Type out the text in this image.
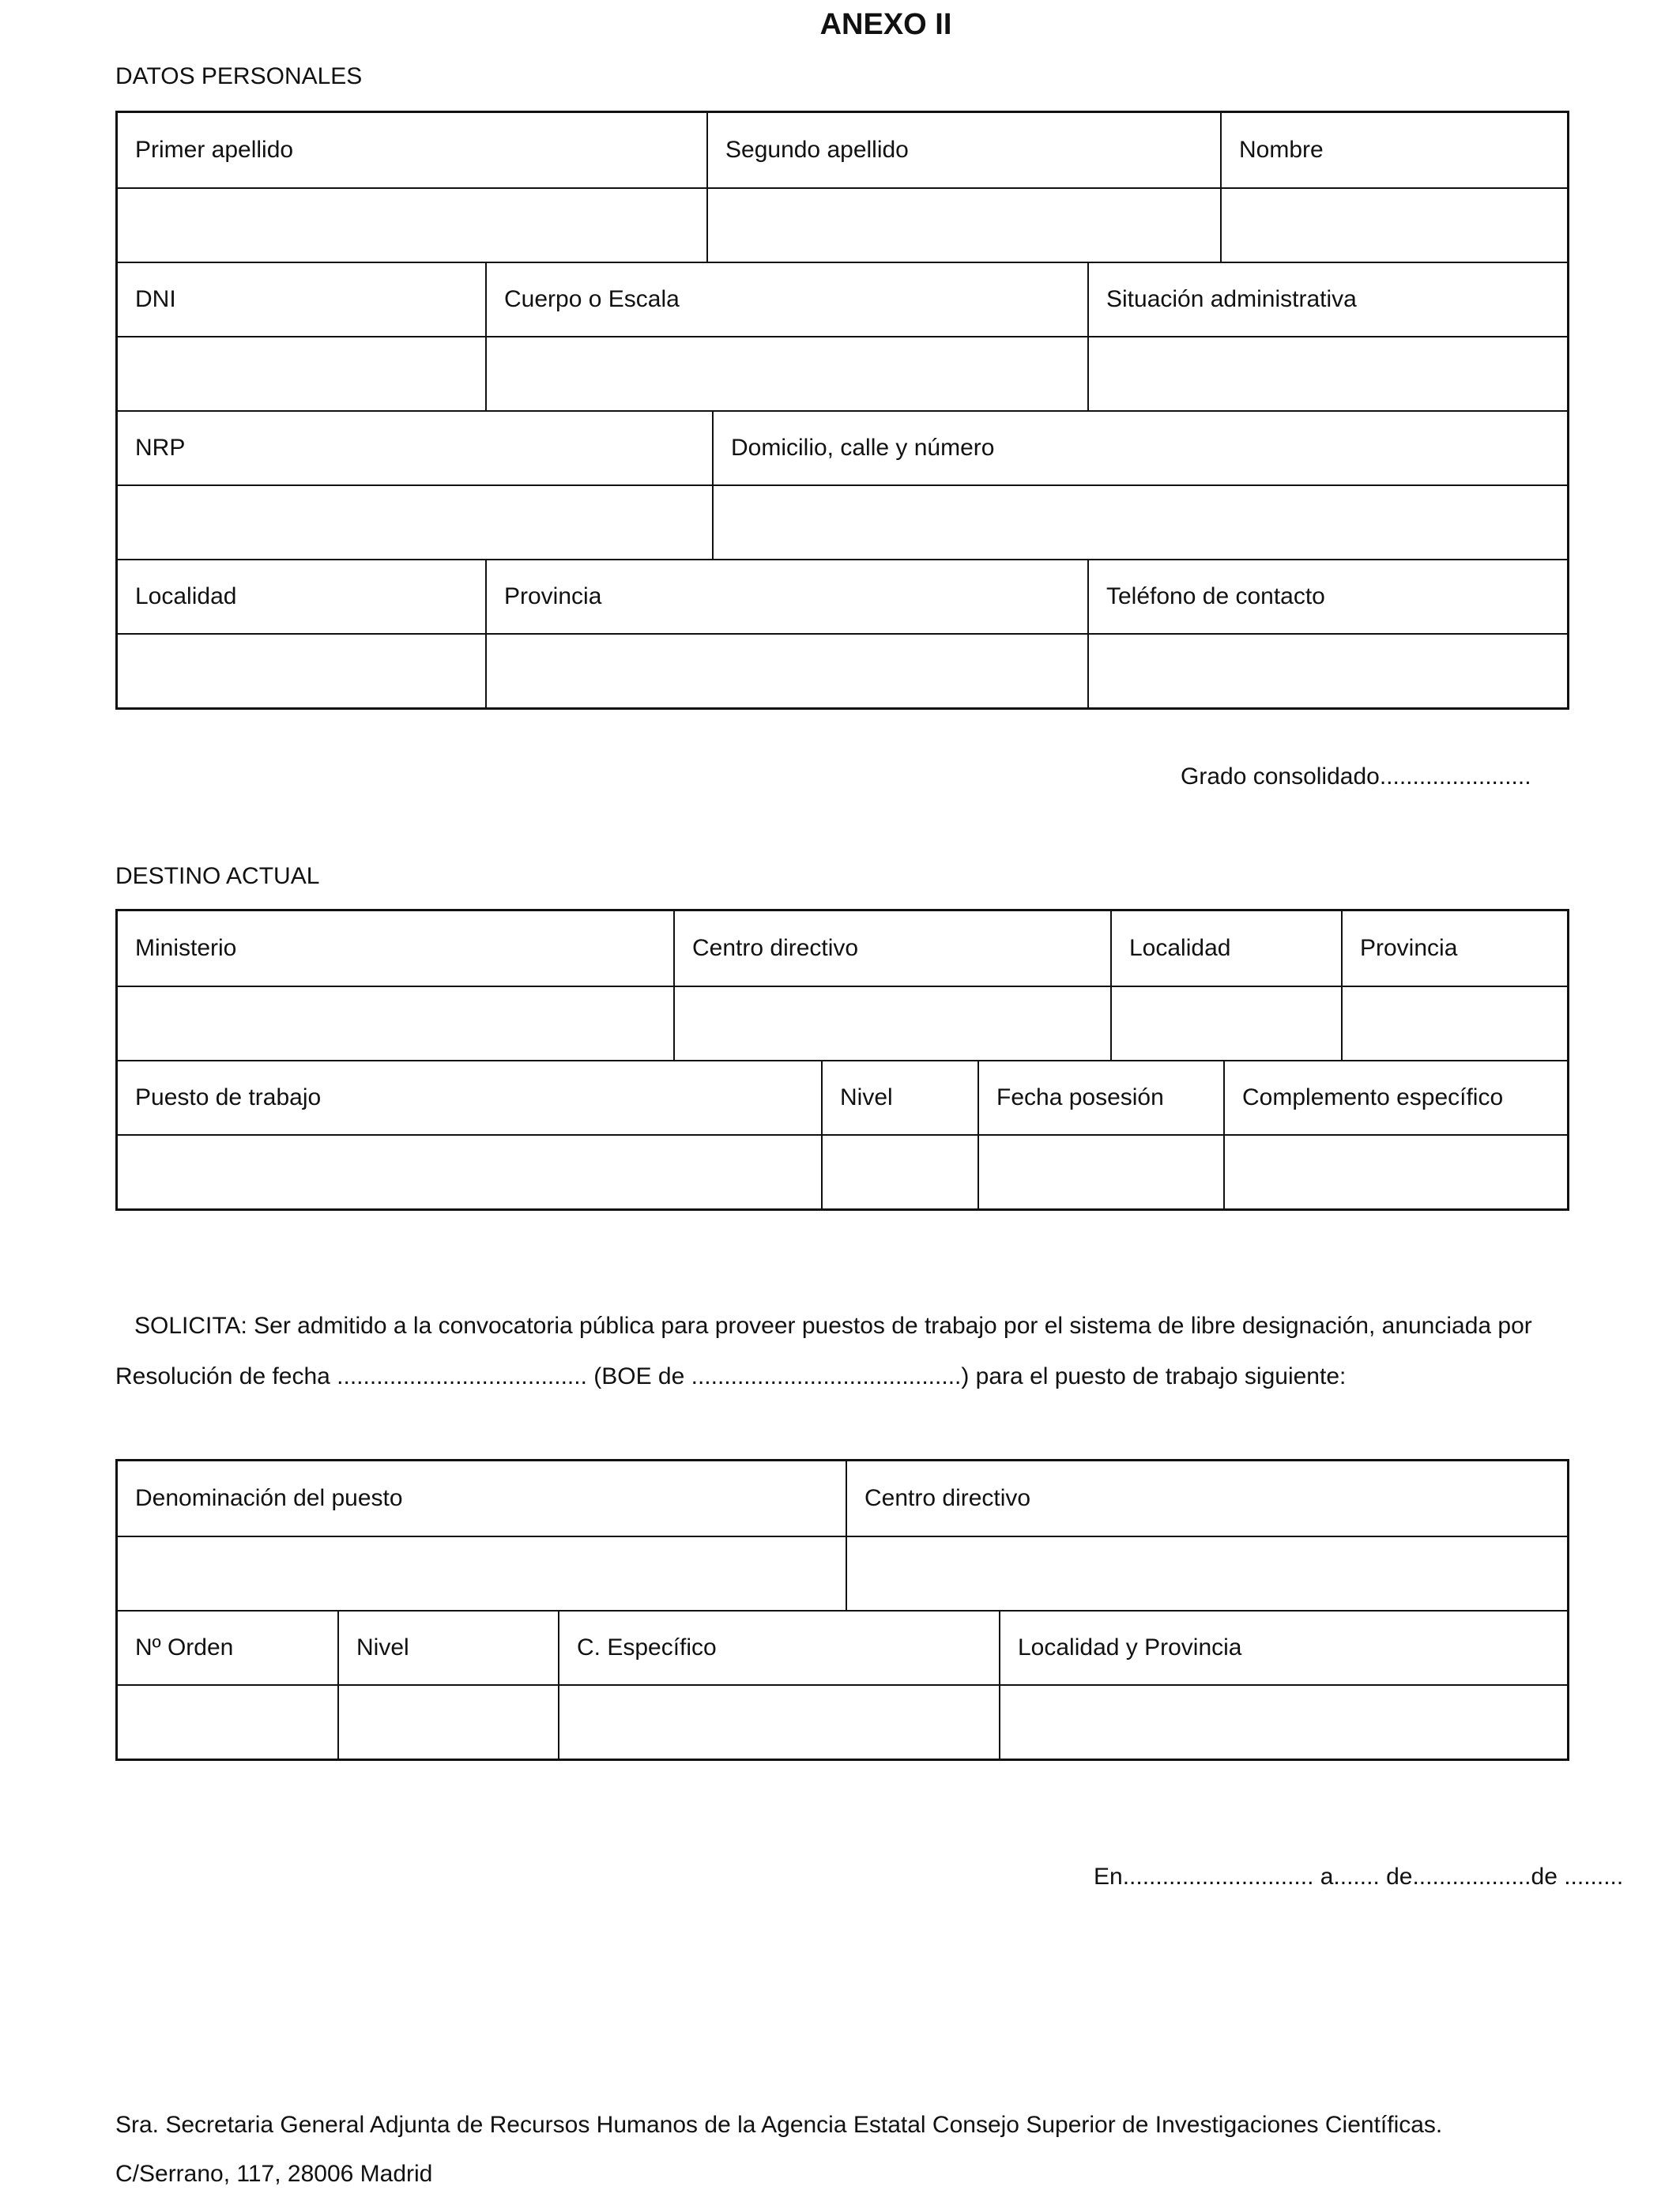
ANEXO II
DATOS PERSONALES
Primer apellido	Segundo apellido	Nombre
DNI	Cuerpo o Escala	Situación administrativa
NRP	Domicilio, calle y número
Localidad	Provincia	Teléfono de contacto
Grado consolidado.......................
DESTINO ACTUAL
Ministerio	Centro directivo	Localidad	Provincia
Puesto de trabajo	Nivel	Fecha posesión	Complemento específico
SOLICITA: Ser admitido a la convocatoria pública para proveer puestos de trabajo por el sistema de libre designación, anunciada por
Resolución de fecha ...................................... (BOE de .........................................) para el puesto de trabajo siguiente:
Denominación del puesto	Centro directivo
Nº Orden	Nivel	C. Específico	Localidad y Provincia
En............................. a....... de..................de .........
Sra. Secretaria General Adjunta de Recursos Humanos de la Agencia Estatal Consejo Superior de Investigaciones Científicas.
C/Serrano, 117, 28006 Madrid
